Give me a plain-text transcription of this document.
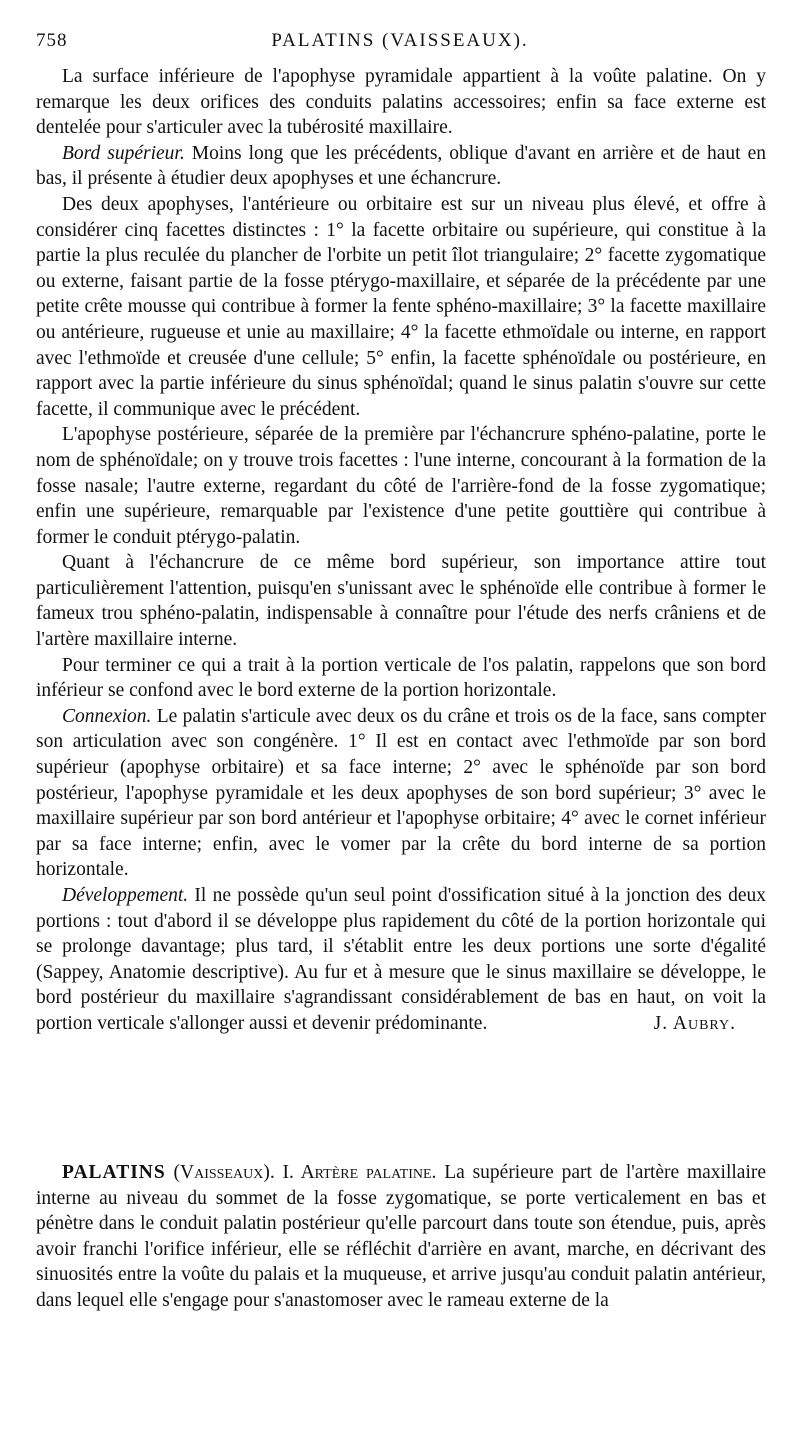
758	PALATINS (VAISSEAUX).

La surface inférieure de l'apophyse pyramidale appartient à la voûte palatine. On y remarque les deux orifices des conduits palatins accessoires; enfin sa face externe est dentelée pour s'articuler avec la tubérosité maxillaire.

Bord supérieur. Moins long que les précédents, oblique d'avant en arrière et de haut en bas, il présente à étudier deux apophyses et une échancrure.

Des deux apophyses, l'antérieure ou orbitaire est sur un niveau plus élevé, et offre à considérer cinq facettes distinctes : 1° la facette orbitaire ou supérieure, qui constitue à la partie la plus reculée du plancher de l'orbite un petit îlot triangulaire; 2° facette zygomatique ou externe, faisant partie de la fosse ptérygo-maxillaire, et séparée de la précédente par une petite crête mousse qui contribue à former la fente sphéno-maxillaire; 3° la facette maxillaire ou antérieure, rugueuse et unie au maxillaire; 4° la facette ethmoïdale ou interne, en rapport avec l'ethmoïde et creusée d'une cellule; 5° enfin, la facette sphénoïdale ou postérieure, en rapport avec la partie inférieure du sinus sphénoïdal; quand le sinus palatin s'ouvre sur cette facette, il communique avec le précédent.

L'apophyse postérieure, séparée de la première par l'échancrure sphéno-palatine, porte le nom de sphénoïdale; on y trouve trois facettes : l'une interne, concourant à la formation de la fosse nasale; l'autre externe, regardant du côté de l'arrière-fond de la fosse zygomatique; enfin une supérieure, remarquable par l'existence d'une petite gouttière qui contribue à former le conduit ptérygo-palatin.

Quant à l'échancrure de ce même bord supérieur, son importance attire tout particulièrement l'attention, puisqu'en s'unissant avec le sphénoïde elle contribue à former le fameux trou sphéno-palatin, indispensable à connaître pour l'étude des nerfs crâniens et de l'artère maxillaire interne.

Pour terminer ce qui a trait à la portion verticale de l'os palatin, rappelons que son bord inférieur se confond avec le bord externe de la portion horizontale.

Connexion. Le palatin s'articule avec deux os du crâne et trois os de la face, sans compter son articulation avec son congénère. 1° Il est en contact avec l'ethmoïde par son bord supérieur (apophyse orbitaire) et sa face interne; 2° avec le sphénoïde par son bord postérieur, l'apophyse pyramidale et les deux apophyses de son bord supérieur; 3° avec le maxillaire supérieur par son bord antérieur et l'apophyse orbitaire; 4° avec le cornet inférieur par sa face interne; enfin, avec le vomer par la crête du bord interne de sa portion horizontale.

Développement. Il ne possède qu'un seul point d'ossification situé à la jonction des deux portions : tout d'abord il se développe plus rapidement du côté de la portion horizontale qui se prolonge davantage; plus tard, il s'établit entre les deux portions une sorte d'égalité (Sappey, Anatomie descriptive). Au fur et à mesure que le sinus maxillaire se développe, le bord postérieur du maxillaire s'agrandissant considérablement de bas en haut, on voit la portion verticale s'allonger aussi et devenir prédominante.	J. Aubry.

PALATINS (Vaisseaux). I. Artère palatine. La supérieure part de l'artère maxillaire interne au niveau du sommet de la fosse zygomatique, se porte verticalement en bas et pénètre dans le conduit palatin postérieur qu'elle parcourt dans toute son étendue, puis, après avoir franchi l'orifice inférieur, elle se réfléchit d'arrière en avant, marche, en décrivant des sinuosités entre la voûte du palais et la muqueuse, et arrive jusqu'au conduit palatin antérieur, dans lequel elle s'engage pour s'anastomoser avec le rameau externe de la
